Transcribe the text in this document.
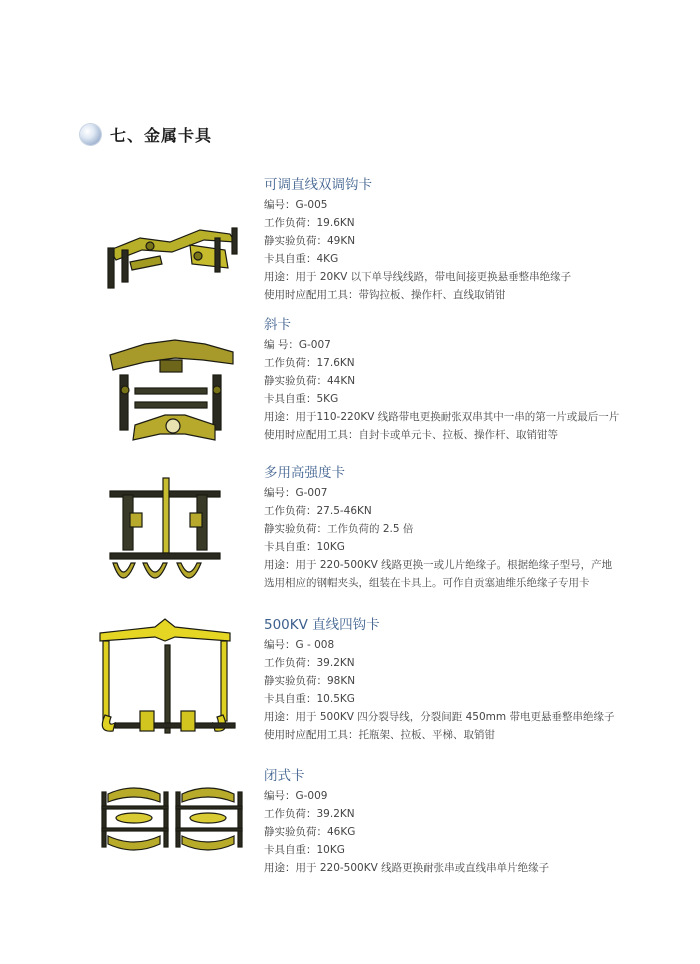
七、金属卡具
可调直线双调钩卡
编号：G-005
工作负荷：19.6KN
静实验负荷：49KN
卡具自重：4KG
用途：用于 20KV 以下单导线线路，带电间接更换悬垂整串绝缘子
使用时应配用工具：带钩拉板、操作杆、直线取销钳
斜卡
编 号：G-007
工作负荷：17.6KN
静实验负荷：44KN
卡具自重：5KG
用途：用于110-220KV 线路带电更换耐张双串其中一串的第一片或最后一片
使用时应配用工具：自封卡或单元卡、拉板、操作杆、取销钳等
多用高强度卡
编号：G-007
工作负荷：27.5-46KN
静实验负荷：工作负荷的 2.5 倍
卡具自重：10KG
用途：用于 220-500KV 线路更换一或儿片绝缘子。根据绝缘子型号，产地
选用相应的钢帽夹头，组装在卡具上。可作自贡塞迪维乐绝缘子专用卡
500KV 直线四钩卡
编号：G - 008
工作负荷：39.2KN
静实验负荷：98KN
卡具自重：10.5KG
用途：用于 500KV 四分裂导线，分裂间距 450mm 带电更悬垂整串绝缘子
使用时应配用工具：托瓶架、拉板、平梯、取销钳
闭式卡
编号：G-009
工作负荷：39.2KN
静实验负荷：46KG
卡具自重：10KG
用途：用于 220-500KV 线路更换耐张串或直线串单片绝缘子
